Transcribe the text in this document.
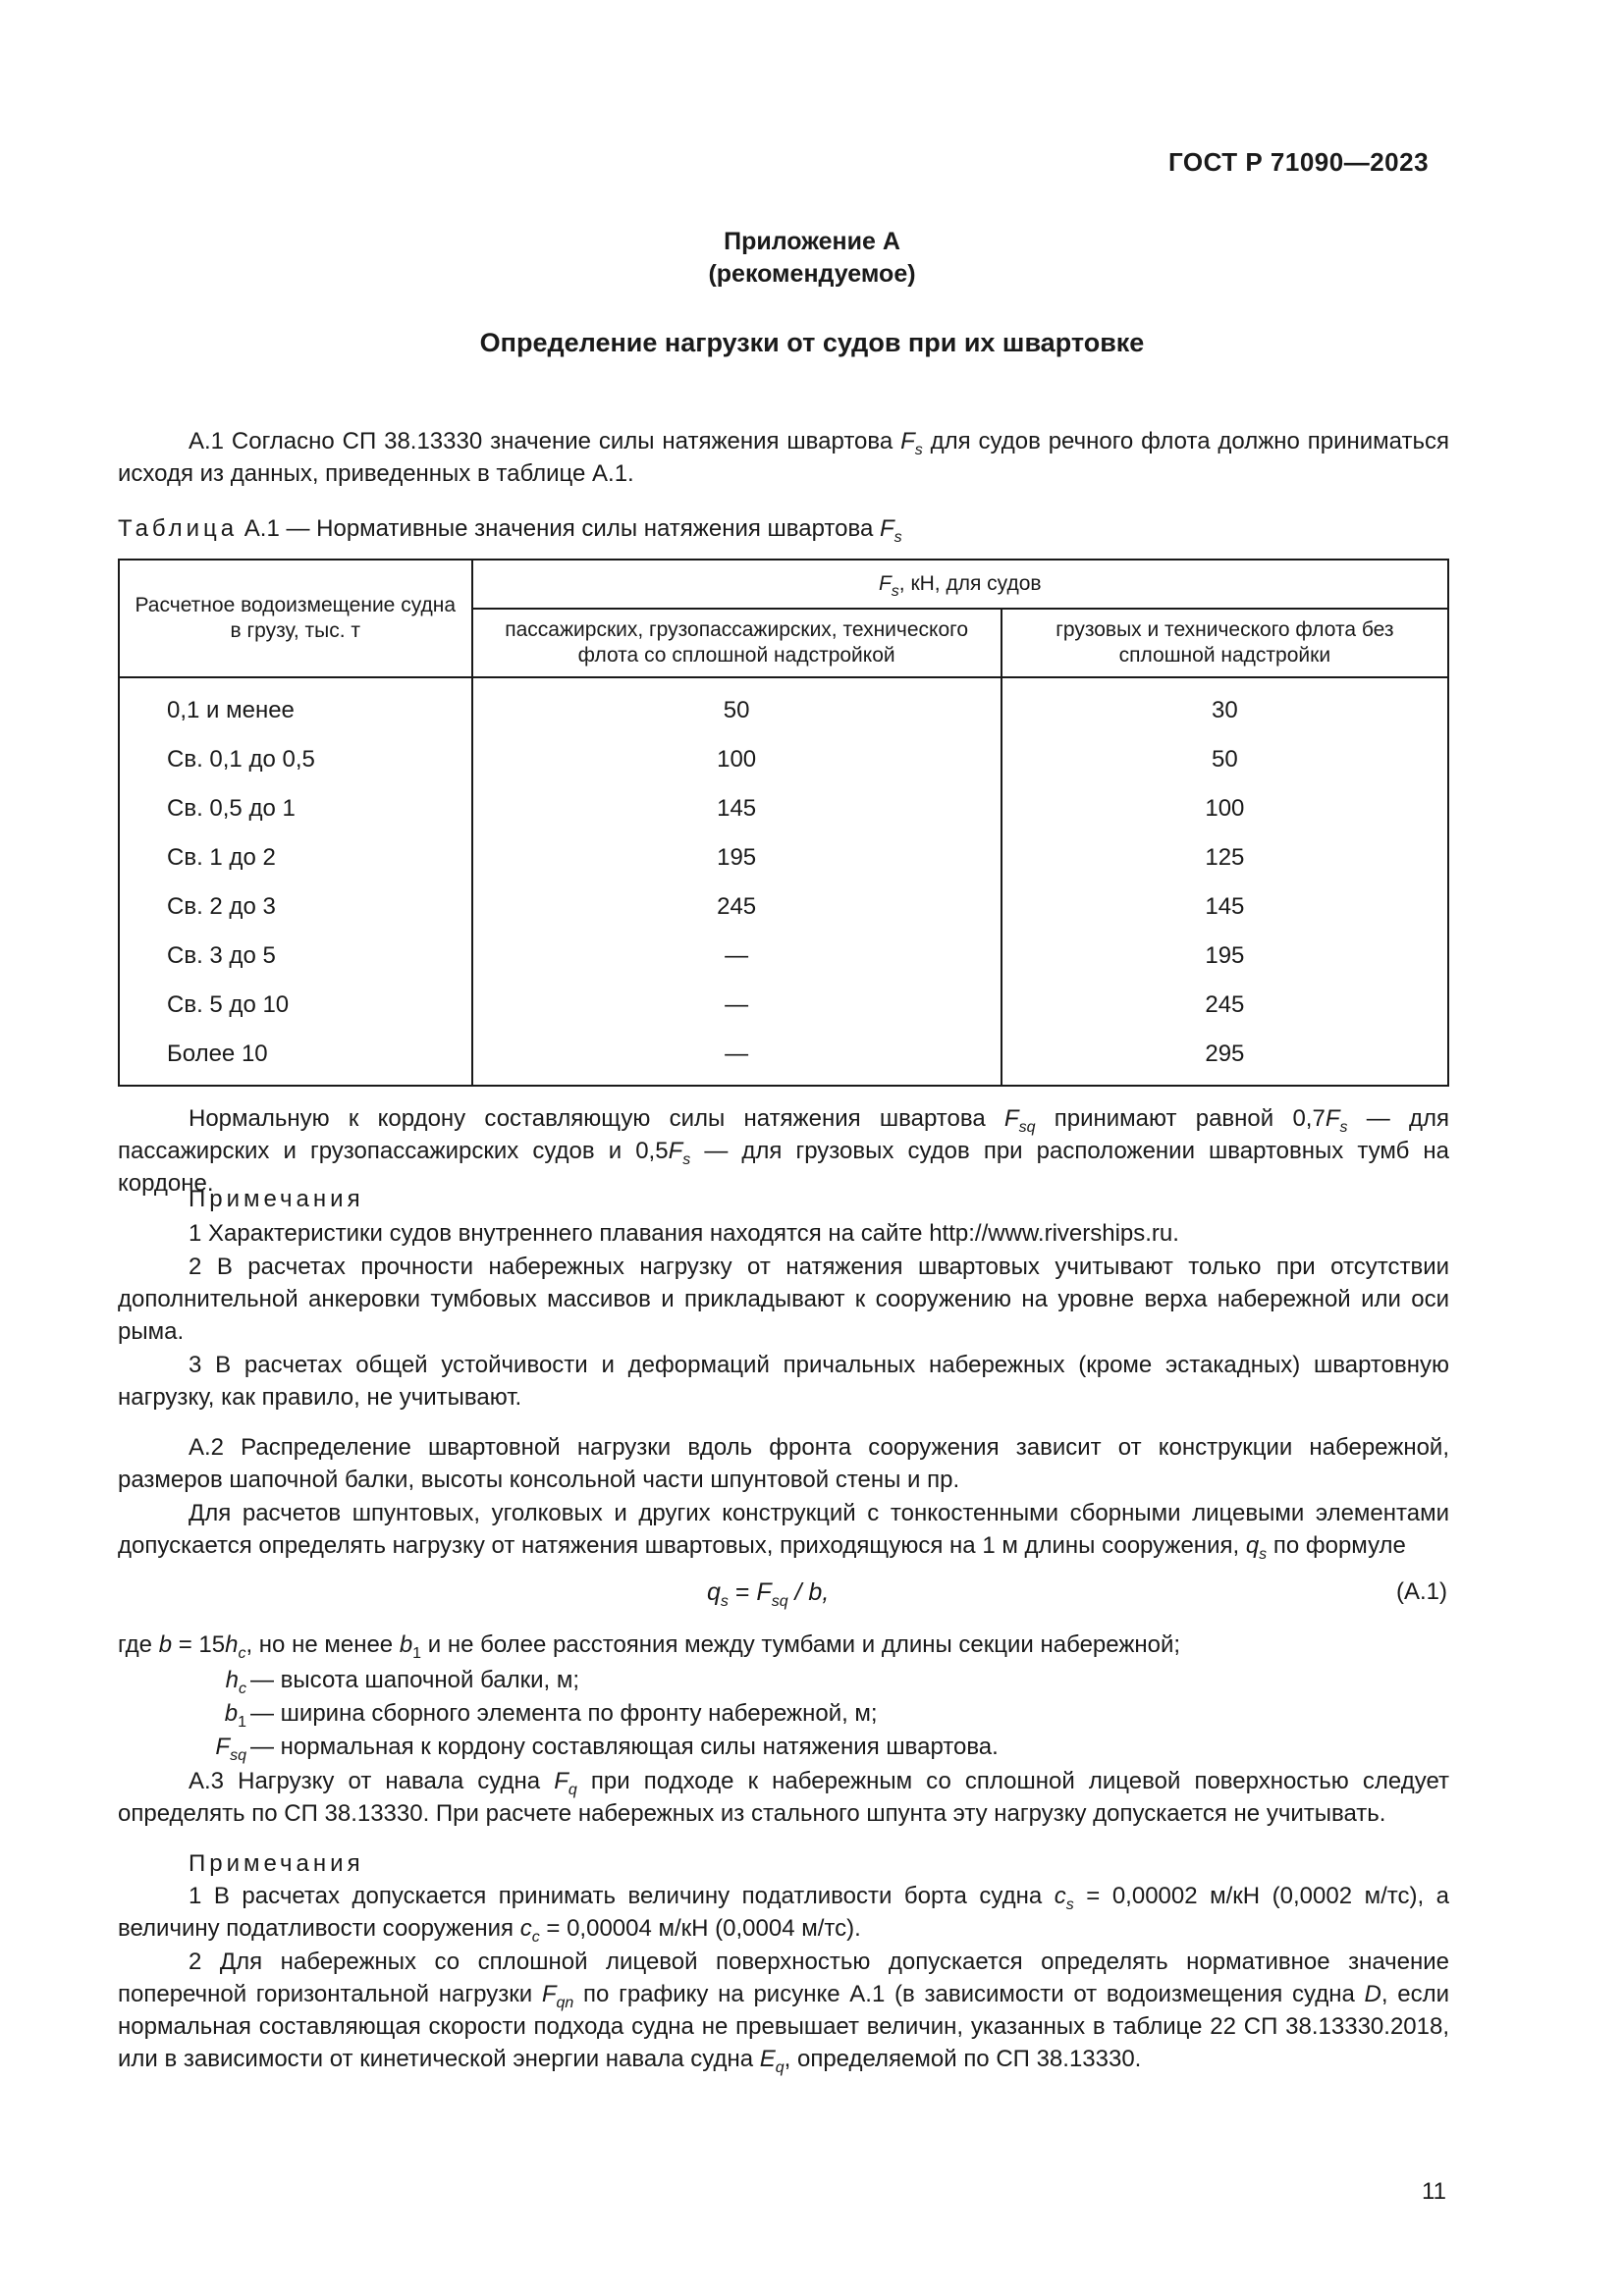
ГОСТ Р 71090—2023
Приложение А
(рекомендуемое)
Определение нагрузки от судов при их швартовке
А.1 Согласно СП 38.13330 значение силы натяжения швартова $F_s$ для судов речного флота должно приниматься исходя из данных, приведенных в таблице А.1.
Таблица А.1 — Нормативные значения силы натяжения швартова $F_s$
Расчетное водоизмещение судна в грузу, тыс. т	$F_s$, кН, для судов	
	пассажирских, грузопассажирских, технического флота со сплошной надстройкой	грузовых и технического флота без сплошной надстройки
0,1 и менее	50	30
Св. 0,1 до 0,5	100	50
Св. 0,5 до 1	145	100
Св. 1 до 2	195	125
Св. 2 до 3	245	145
Св. 3 до 5	—	195
Св. 5 до 10	—	245
Более 10	—	295
Нормальную к кордону составляющую силы натяжения швартова $F_{sq}$ принимают равной $0,7F_s$ — для пассажирских и грузопассажирских судов и $0,5F_s$ — для грузовых судов при расположении швартовных тумб на кордоне.
Примечания
1 Характеристики судов внутреннего плавания находятся на сайте http://www.riverships.ru.
2 В расчетах прочности набережных нагрузку от натяжения швартовых учитывают только при отсутствии дополнительной анкеровки тумбовых массивов и прикладывают к сооружению на уровне верха набережной или оси рыма.
3 В расчетах общей устойчивости и деформаций причальных набережных (кроме эстакадных) швартовную нагрузку, как правило, не учитывают.
А.2 Распределение швартовной нагрузки вдоль фронта сооружения зависит от конструкции набережной, размеров шапочной балки, высоты консольной части шпунтовой стены и пр.
Для расчетов шпунтовых, уголковых и других конструкций с тонкостенными сборными лицевыми элементами допускается определять нагрузку от натяжения швартовых, приходящуюся на 1 м длины сооружения, $q_s$ по формуле
$q_s = F_{sq} / b$,	(А.1)
где $b = 15h_c$, но не менее $b_1$ и не более расстояния между тумбами и длины секции набережной;
$h_c$ — высота шапочной балки, м;
$b_1$ — ширина сборного элемента по фронту набережной, м;
$F_{sq}$ — нормальная к кордону составляющая силы натяжения швартова.
А.3 Нагрузку от навала судна $F_q$ при подходе к набережным со сплошной лицевой поверхностью следует определять по СП 38.13330. При расчете набережных из стального шпунта эту нагрузку допускается не учитывать.
Примечания
1 В расчетах допускается принимать величину податливости борта судна $c_s = 0,00002$ м/кН (0,0002 м/тс), а величину податливости сооружения $c_c = 0,00004$ м/кН (0,0004 м/тс).
2 Для набережных со сплошной лицевой поверхностью допускается определять нормативное значение поперечной горизонтальной нагрузки $F_{qn}$ по графику на рисунке А.1 (в зависимости от водоизмещения судна D, если нормальная составляющая скорости подхода судна не превышает величин, указанных в таблице 22 СП 38.13330.2018, или в зависимости от кинетической энергии навала судна $E_q$, определяемой по СП 38.13330.
11
